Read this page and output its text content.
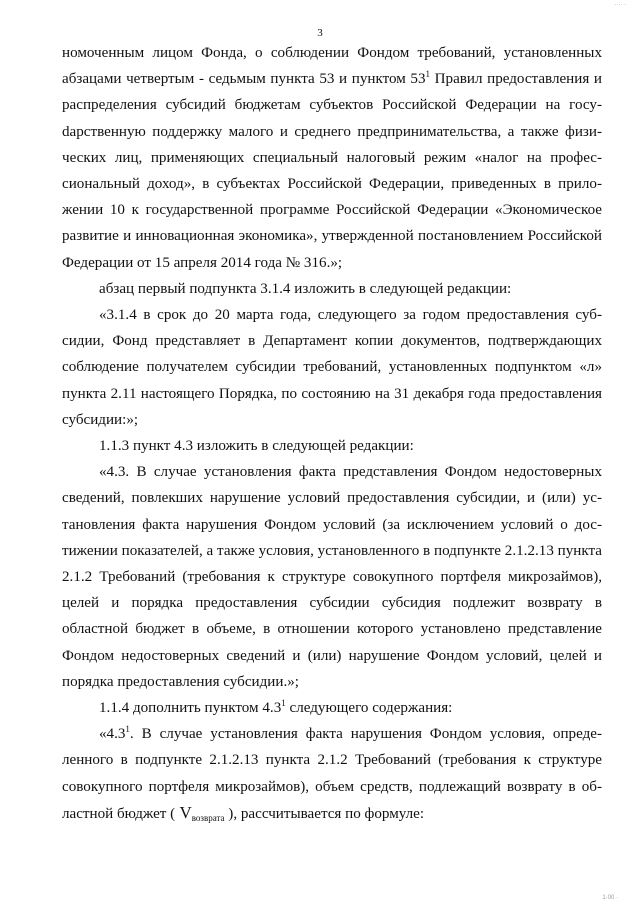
···· ·
3

номоченным лицом Фонда, о соблюдении Фондом требований, установленных абзацами четвертым - седьмым пункта 53 и пунктом $53^1$ Правил предоставления и распределения субсидий бюджетам субъектов Российской Федерации на госуdарственную поддержку малого и среднего предпринимательства, а также физических лиц, применяющих специальный налоговый режим «налог на профессиональный доход», в субъектах Российской Федерации, приведенных в приложении 10 к государственной программе Российской Федерации «Экономическое развитие и инновационная экономика», утвержденной постановлением Российской Федерации от 15 апреля 2014 года № 316.»;

абзац первый подпункта 3.1.4 изложить в следующей редакции:

«3.1.4 в срок до 20 марта года, следующего за годом предоставления субсидии, Фонд представляет в Департамент копии документов, подтверждающих соблюдение получателем субсидии требований, установленных подпунктом «л» пункта 2.11 настоящего Порядка, по состоянию на 31 декабря года предоставления субсидии:»;

1.1.3 пункт 4.3 изложить в следующей редакции:

«4.3. В случае установления факта представления Фондом недостоверных сведений, повлекших нарушение условий предоставления субсидии, и (или) установления факта нарушения Фондом условий (за исключением условий о достижении показателей, а также условия, установленного в подпункте 2.1.2.13 пункта 2.1.2 Требований (требования к структуре совокупного портфеля микрозаймов), целей и порядка предоставления субсидии субсидия подлежит возврату в областной бюджет в объеме, в отношении которого установлено представление Фондом недостоверных сведений и (или) нарушение Фондом условий, целей и порядка предоставления субсидии.»;

1.1.4 дополнить пунктом $4.3^1$ следующего содержания:

«$4.3^1$. В случае установления факта нарушения Фондом условия, определенного в подпункте 2.1.2.13 пункта 2.1.2 Требований (требования к структуре совокупного портфеля микрозаймов), объем средств, подлежащий возврату в областной бюджет ( $V_{возврата}$ ), рассчитывается по формуле:

1·00 ·
